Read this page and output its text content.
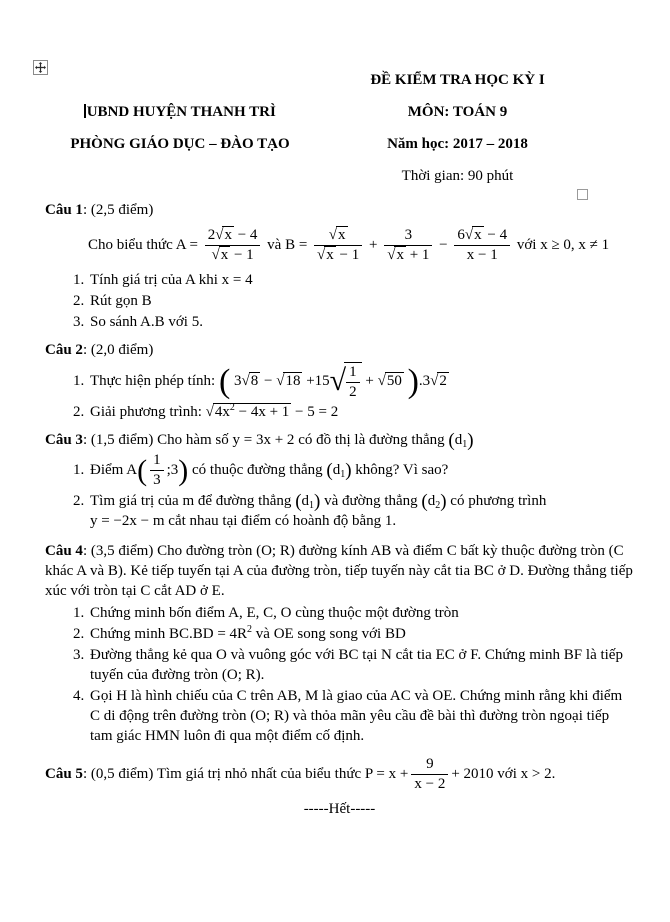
ĐỀ KIỂM TRA HỌC KỲ I
UBND HUYỆN THANH TRÌ	MÔN: TOÁN 9
PHÒNG GIÁO DỤC – ĐÀO TẠO	Năm học: 2017 – 2018
Thời gian: 90 phút
Câu 1: (2,5 điểm)
Cho biểu thức $A = \frac{2√ x - 4}{√ x - 1}$ và $B = \frac{√ x}{√ x - 1} + \frac{3}{√ x + 1} - \frac{6√ x - 4}{x - 1}$ với x ≥ 0, x ≠ 1
1. Tính giá trị của A khi x = 4
2. Rút gọn B
3. So sánh A.B với 5.
Câu 2: (2,0 điểm)
1. Thực hiện phép tính: ( 3√ 8 − √ 18 +15 √ $\frac{1}{2}$ + √ 50 ).3√ 2
2. Giải phương trình: √ $4x^2 - 4x + 1 - 5 = 2$
Câu 3: (1,5 điểm) Cho hàm số y = 3x + 2 có đồ thị là đường thẳng $(d_1)$
1. Điểm $A( \frac{1}{3}$ ;3) có thuộc đường thẳng $(d_1)$ không? Vì sao?
2. Tìm giá trị của m để đường thẳng $(d_1)$ và đường thẳng $(d_2)$ có phương trình
y = −2x − m cắt nhau tại điểm có hoành độ bằng 1.
Câu 4: (3,5 điểm) Cho đường tròn (O; R) đường kính AB và điểm C bất kỳ thuộc đường tròn (C khác A và B). Kẻ tiếp tuyến tại A của đường tròn, tiếp tuyến này cắt tia BC ở D. Đường thẳng tiếp xúc với tròn tại C cắt AD ở E.
1. Chứng minh bốn điểm A, E, C, O cùng thuộc một đường tròn
2. Chứng minh $BC.BD = 4R^2$ và OE song song với BD
3. Đường thẳng kẻ qua O và vuông góc với BC tại N cắt tia EC ở F. Chứng minh BF là tiếp tuyến của đường tròn (O; R).
4. Gọi H là hình chiếu của C trên AB, M là giao của AC và OE. Chứng minh rằng khi điểm C di động trên đường tròn (O; R) và thỏa mãn yêu cầu đề bài thì đường tròn ngoại tiếp tam giác HMN luôn đi qua một điểm cố định.
Câu 5: (0,5 điểm) Tìm giá trị nhỏ nhất của biểu thức $P = x + \frac{9}{x - 2} + 2010$ với x > 2.
-----Hết-----
